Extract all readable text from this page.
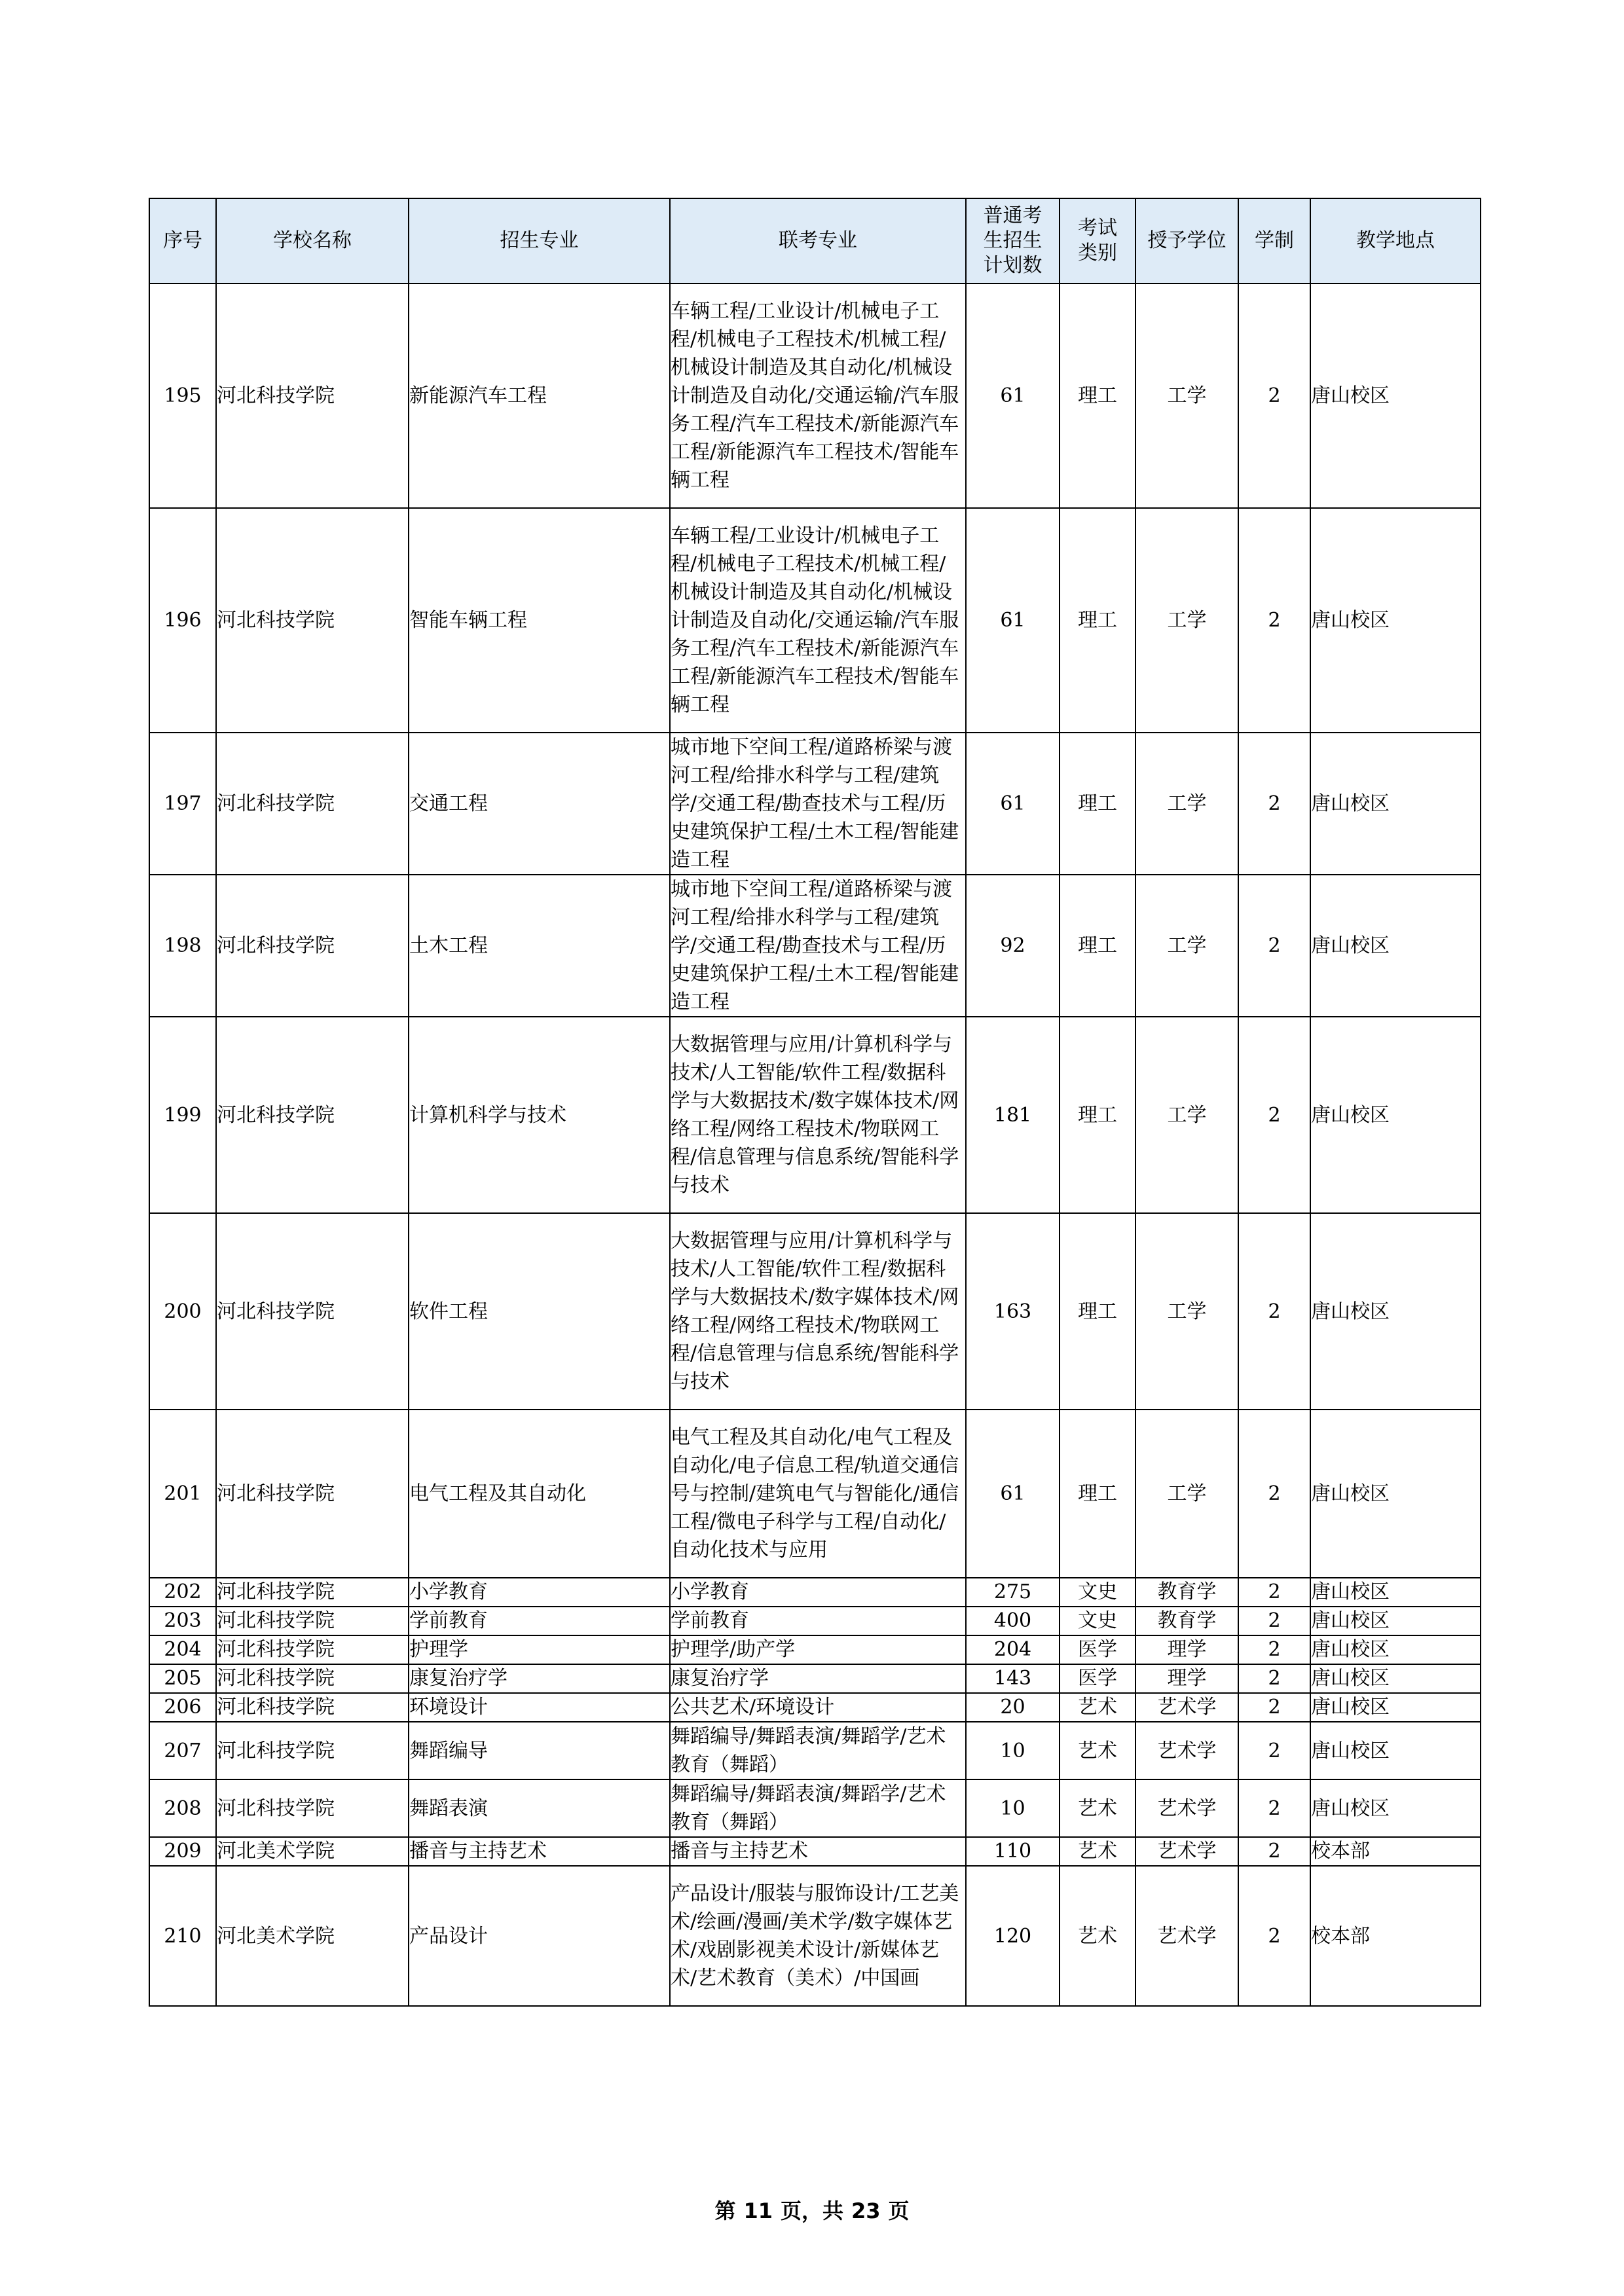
序号	学校名称	招生专业	联考专业	普通考生招生计划数	考试类别	授予学位	学制	教学地点
195	河北科技学院	新能源汽车工程	车辆工程/工业设计/机械电子工程/机械电子工程技术/机械工程/机械设计制造及其自动化/机械设计制造及自动化/交通运输/汽车服务工程/汽车工程技术/新能源汽车工程/新能源汽车工程技术/智能车辆工程	61	理工	工学	2	唐山校区
196	河北科技学院	智能车辆工程	车辆工程/工业设计/机械电子工程/机械电子工程技术/机械工程/机械设计制造及其自动化/机械设计制造及自动化/交通运输/汽车服务工程/汽车工程技术/新能源汽车工程/新能源汽车工程技术/智能车辆工程	61	理工	工学	2	唐山校区
197	河北科技学院	交通工程	城市地下空间工程/道路桥梁与渡河工程/给排水科学与工程/建筑学/交通工程/勘查技术与工程/历史建筑保护工程/土木工程/智能建造工程	61	理工	工学	2	唐山校区
198	河北科技学院	土木工程	城市地下空间工程/道路桥梁与渡河工程/给排水科学与工程/建筑学/交通工程/勘查技术与工程/历史建筑保护工程/土木工程/智能建造工程	92	理工	工学	2	唐山校区
199	河北科技学院	计算机科学与技术	大数据管理与应用/计算机科学与技术/人工智能/软件工程/数据科学与大数据技术/数字媒体技术/网络工程/网络工程技术/物联网工程/信息管理与信息系统/智能科学与技术	181	理工	工学	2	唐山校区
200	河北科技学院	软件工程	大数据管理与应用/计算机科学与技术/人工智能/软件工程/数据科学与大数据技术/数字媒体技术/网络工程/网络工程技术/物联网工程/信息管理与信息系统/智能科学与技术	163	理工	工学	2	唐山校区
201	河北科技学院	电气工程及其自动化	电气工程及其自动化/电气工程及自动化/电子信息工程/轨道交通信号与控制/建筑电气与智能化/通信工程/微电子科学与工程/自动化/自动化技术与应用	61	理工	工学	2	唐山校区
202	河北科技学院	小学教育	小学教育	275	文史	教育学	2	唐山校区
203	河北科技学院	学前教育	学前教育	400	文史	教育学	2	唐山校区
204	河北科技学院	护理学	护理学/助产学	204	医学	理学	2	唐山校区
205	河北科技学院	康复治疗学	康复治疗学	143	医学	理学	2	唐山校区
206	河北科技学院	环境设计	公共艺术/环境设计	20	艺术	艺术学	2	唐山校区
207	河北科技学院	舞蹈编导	舞蹈编导/舞蹈表演/舞蹈学/艺术教育（舞蹈）	10	艺术	艺术学	2	唐山校区
208	河北科技学院	舞蹈表演	舞蹈编导/舞蹈表演/舞蹈学/艺术教育（舞蹈）	10	艺术	艺术学	2	唐山校区
209	河北美术学院	播音与主持艺术	播音与主持艺术	110	艺术	艺术学	2	校本部
210	河北美术学院	产品设计	产品设计/服装与服饰设计/工艺美术/绘画/漫画/美术学/数字媒体艺术/戏剧影视美术设计/新媒体艺术/艺术教育（美术）/中国画	120	艺术	艺术学	2	校本部
第 11 页，共 23 页
